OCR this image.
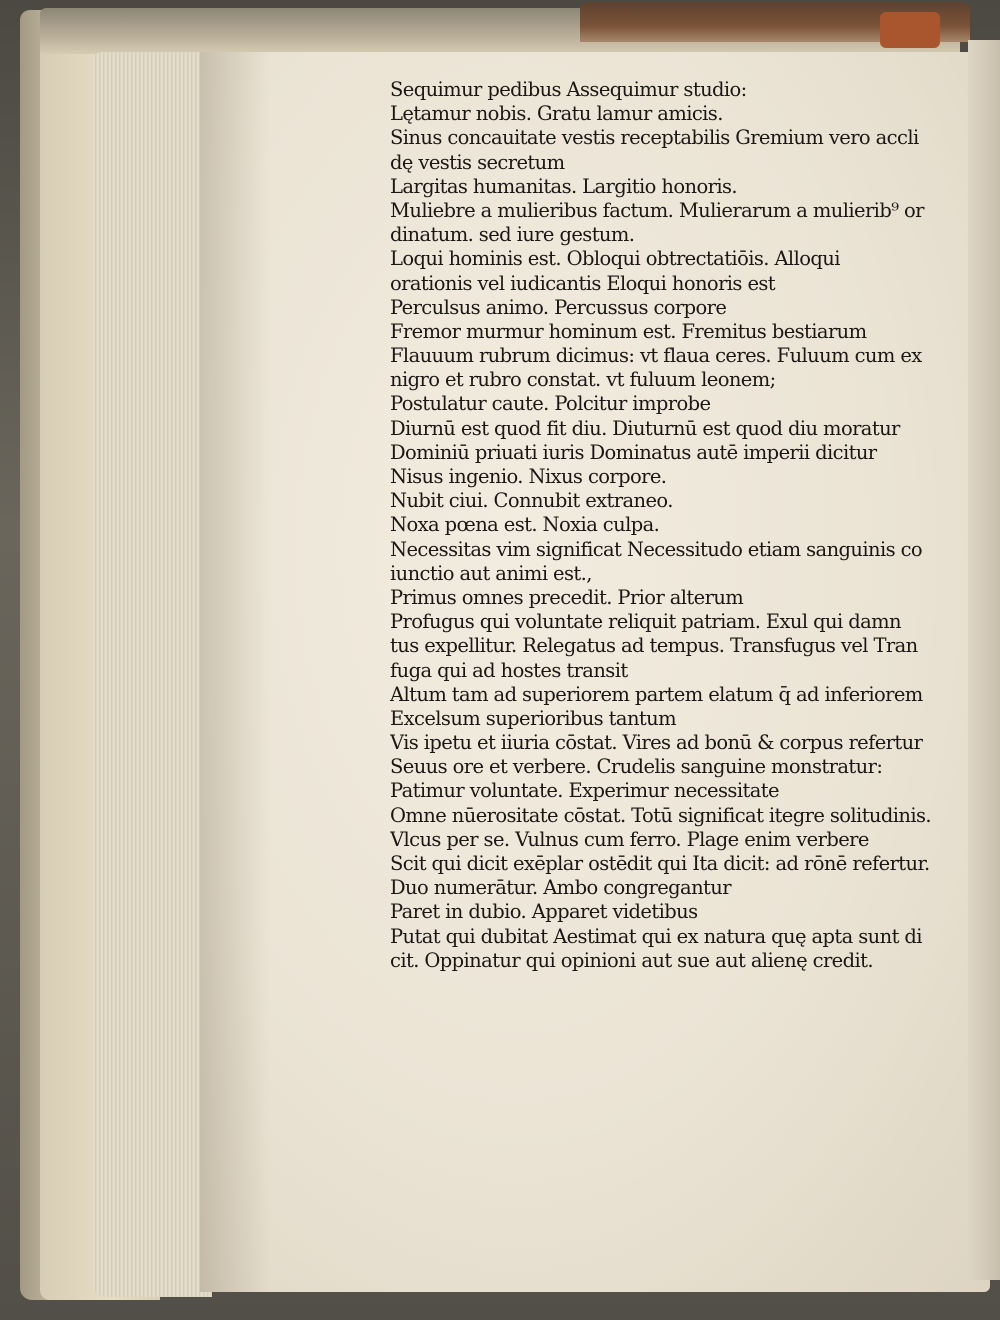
Sequimur pedibus Assequimur studio:
Lętamur nobis. Gratu lamur amicis.
Sinus concauitate vestis receptabilis Gremium vero accli
dę vestis secretum
Largitas humanitas. Largitio honoris.
Muliebre a mulieribus factum. Mulierarum a mulierib⁹ or
dinatum. sed iure gestum.
Loqui hominis est. Obloqui obtrectatiōis. Alloqui
orationis vel iudicantis Eloqui honoris est
Perculsus animo. Percussus corpore
Fremor murmur hominum est. Fremitus bestiarum
Flauuum rubrum dicimus: vt flaua ceres. Fuluum cum ex
nigro et rubro constat. vt fuluum leonem;
Postulatur caute. Polcitur improbe
Diurnū est quod fit diu. Diuturnū est quod diu moratur
Dominiū priuati iuris Dominatus autē imperii dicitur
Nisus ingenio. Nixus corpore.
Nubit ciui. Connubit extraneo.
Noxa pœna est. Noxia culpa.
Necessitas vim significat Necessitudo etiam sanguinis co
iunctio aut animi est.,
Primus omnes precedit. Prior alterum
Profugus qui voluntate reliquit patriam. Exul qui damn
tus expellitur. Relegatus ad tempus. Transfugus vel Tran
fuga qui ad hostes transit
Altum tam ad superiorem partem elatum q̄ ad inferiorem
Excelsum superioribus tantum
Vis ipetu et iiuria cōstat. Vires ad bonū & corpus refertur
Seuus ore et verbere. Crudelis sanguine monstratur:
Patimur voluntate. Experimur necessitate
Omne nūerositate cōstat. Totū significat itegre solitudinis.
Vlcus per se. Vulnus cum ferro. Plage enim verbere
Scit qui dicit exēplar ostēdit qui Ita dicit: ad rōnē refertur.
Duo numerātur. Ambo congregantur
Paret in dubio. Apparet videtibus
Putat qui dubitat Aestimat qui ex natura quę apta sunt di
cit. Oppinatur qui opinioni aut sue aut alienę credit.
